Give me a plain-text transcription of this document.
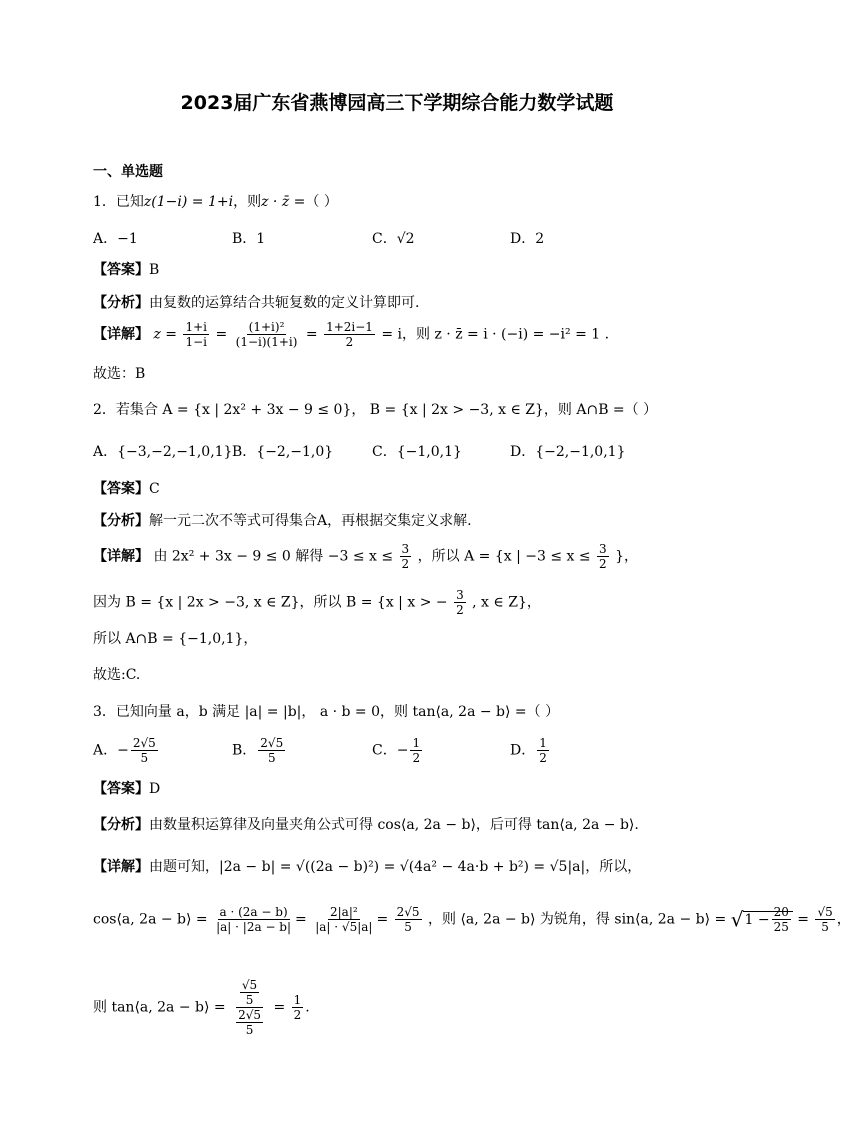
2023届广东省燕博园高三下学期综合能力数学试题
一、单选题
1．已知z(1−i) = 1+i，则z · z̄ =（ ）
A．−1	B．1	C．√2	D．2
【答案】B
【分析】由复数的运算结合共轭复数的定义计算即可.
【详解】 $z = \frac{1+i}{1-i} = \frac{\text{(1+i)²}}{(1-i)(1+i)} = \frac{1+2i-1}{2} = i$，则 z · z̄ = i · (−i) = −i² = 1 .
故选：B
2．若集合 A = {x | 2x² + 3x − 9 ≤ 0}， B = {x | 2x > −3, x ∈ Z}，则 A∩B =（ ）
A．{−3,−2,−1,0,1} B．{−2,−1,0}	C．{−1,0,1}	D．{−2,−1,0,1}
【答案】C
【分析】解一元二次不等式可得集合A，再根据交集定义求解.
【详解】 由 2x² + 3x − 9 ≤ 0 解得 $-3 \le x \le \frac{3}{2}$ ，所以 A = {x | $-3 \le x \le \frac{3}{2}$ }，
因为 B = {x | 2x > −3, x ∈ Z}，所以 B = {x | x > − $\frac{3}{2}$ , x ∈ Z}，
所以 A∩B = {−1,0,1}，
故选:C.
3．已知向量 a，b 满足 |a| = |b|， a · b = 0，则 tan⟨a, 2a − b⟩ =（ ）
A．− $\frac{2√5}{5}$	B． $\frac{2√5}{5}$	C．− $\frac{1}{2}$	D． $\frac{1}{2}$
【答案】D
【分析】由数量积运算律及向量夹角公式可得 cos⟨a, 2a − b⟩，后可得 tan⟨a, 2a − b⟩.
【详解】由题可知，|2a − b| = √((2a − b)²) = √(4a² − 4a·b + b²) = √5|a|，所以，
cos⟨a, 2a − b⟩ = $\frac{a \cdot (2a - b)}{|a| \cdot |2a - b|} = \frac{\text{2|a|²}}{|a| \cdot √5|a|} = \frac{2√5}{5}$ ，则 ⟨a, 2a − b⟩ 为锐角，得 sin⟨a, 2a − b⟩ = $√1 - \frac{20}{25} = \frac{√5}{5}$ ，
则 tan⟨a, 2a − b⟩ = $\frac{\frac{√5}{5}}{\frac{2√5}{5}} = \frac{1}{2}$ .
